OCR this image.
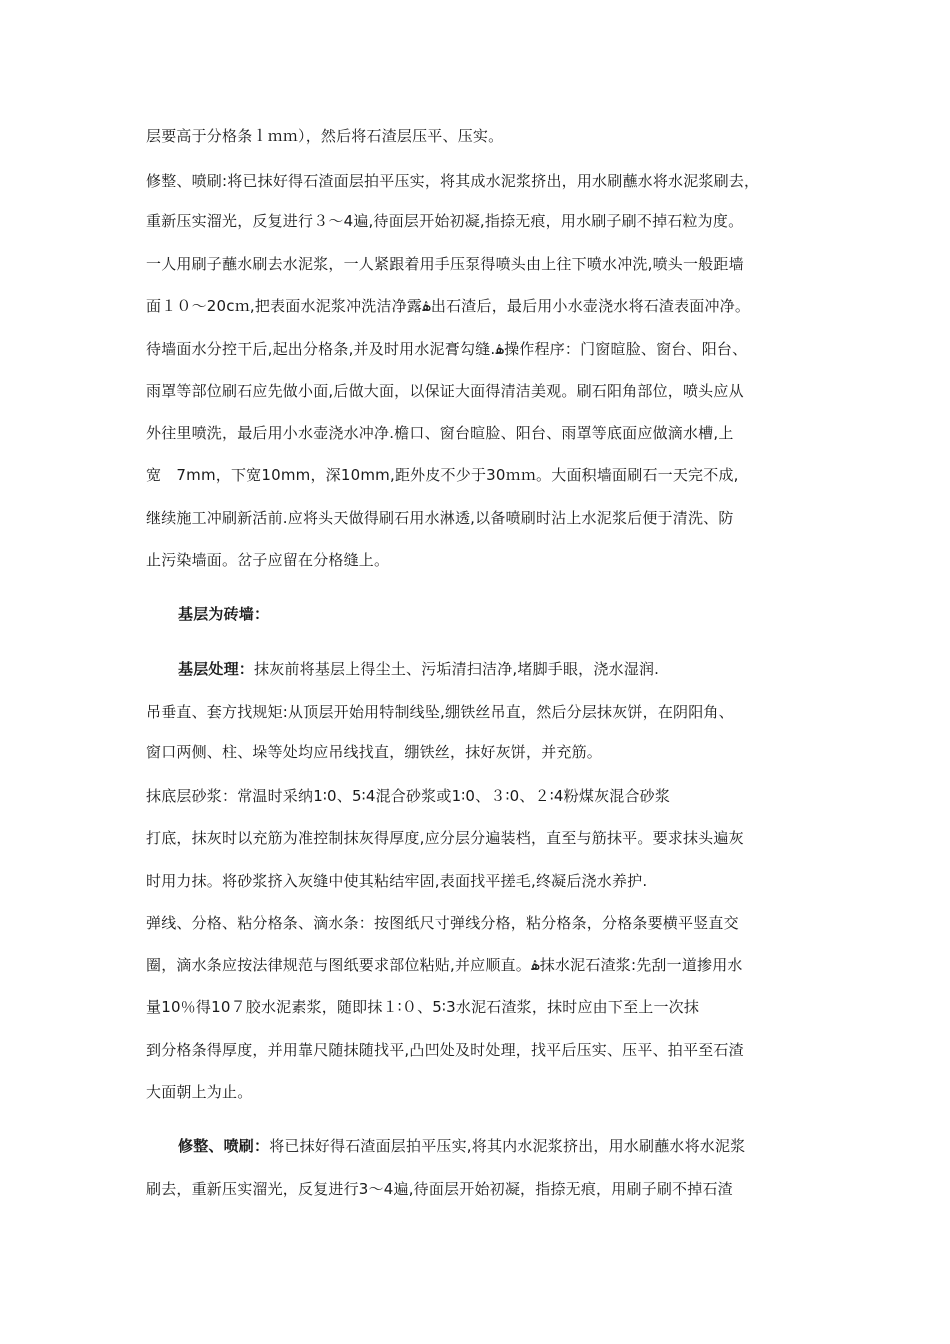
层要高于分格条ｌｍｍ），然后将石渣层压平、压实。
修整、喷刷:将已抹好得石渣面层拍平压实，将其成水泥浆挤出，用水刷蘸水将水泥浆刷去，
重新压实溜光，反复进行３～4遍,待面层开始初凝,指捺无痕，用水刷子刷不掉石粒为度。
一人用刷子蘸水刷去水泥浆，一人紧跟着用手压泵得喷头由上往下喷水冲洗,喷头一般距墙
面１０～20cｍ,把表面水泥浆冲洗洁净露ۿ出石渣后，最后用小水壶浇水将石渣表面冲净。
待墙面水分控干后,起出分格条,并及时用水泥膏勾缝.ۿ操作程序：门窗暄脸、窗台、阳台、
雨罩等部位刷石应先做小面,后做大面，以保证大面得清洁美观。刷石阳角部位，喷头应从
外往里喷洗，最后用小水壶浇水冲净.檐口、窗台暄脸、阳台、雨罩等底面应做滴水槽,上
宽　7mm，下宽10mm，深10mm,距外皮不少于30ｍｍ。大面积墙面刷石一天完不成,
继续施工冲刷新活前.应将头天做得刷石用水淋透,以备喷刷时沾上水泥浆后便于清洗、防
止污染墙面。岔子应留在分格缝上。
基层为砖墙：
基层处理：抹灰前将基层上得尘土、污垢清扫洁净,堵脚手眼，浇水湿润.
吊垂直、套方找规矩:从顶层开始用特制线坠,绷铁丝吊直，然后分层抹灰饼，在阴阳角、
窗口两侧、柱、垛等处均应吊线找直，绷铁丝，抹好灰饼，并充筋。
抹底层砂浆：常温时采纳1∶0、5∶4混合砂浆或1∶0、３∶0、２∶4粉煤灰混合砂浆
打底，抹灰时以充筋为准控制抹灰得厚度,应分层分遍装档，直至与筋抹平。要求抹头遍灰
时用力抹。将砂浆挤入灰缝中使其粘结牢固,表面找平搓毛,终凝后浇水养护.
弹线、分格、粘分格条、滴水条：按图纸尺寸弹线分格，粘分格条，分格条要横平竖直交
圈，滴水条应按法律规范与图纸要求部位粘贴,并应顺直。ۿ抹水泥石渣浆:先刮一道掺用水
量10％得10７胶水泥素浆，随即抹１∶０、5∶3水泥石渣浆，抹时应由下至上一次抹
到分格条得厚度，并用靠尺随抹随找平,凸凹处及时处理，找平后压实、压平、拍平至石渣
大面朝上为止。
修整、喷刷：将已抹好得石渣面层拍平压实,将其内水泥浆挤出，用水刷蘸水将水泥浆
刷去，重新压实溜光，反复进行3～4遍,待面层开始初凝，指捺无痕，用刷子刷不掉石渣
